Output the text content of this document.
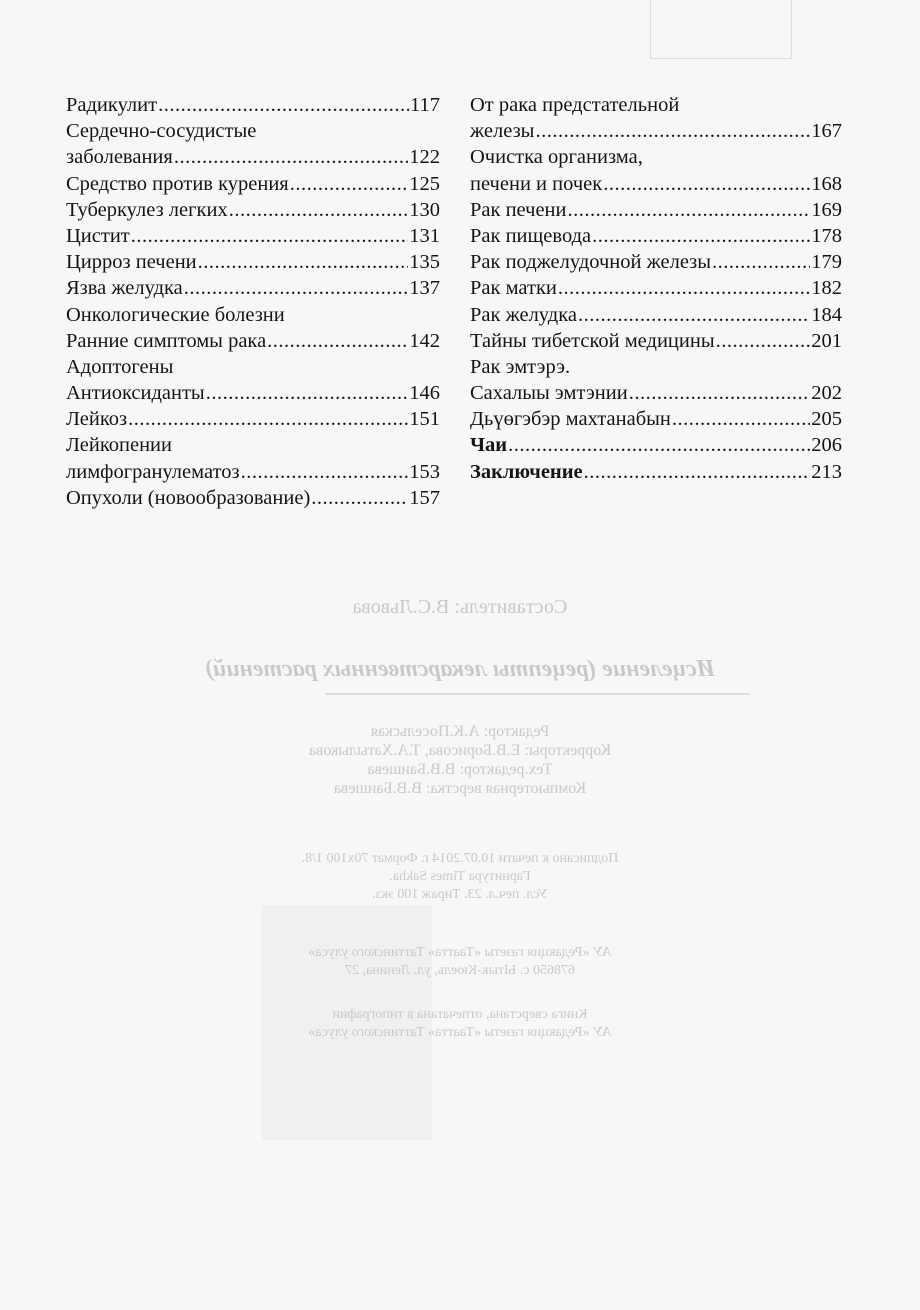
Радикулит .....	117
Сердечно-сосудистые
заболевания .....	122
Средство против курения .....	125
Туберкулез легких .....	130
Цистит .....	131
Цирроз печени .....	135
Язва желудка .....	137
Онкологические болезни
Ранние симптомы рака .....	142
Адоптогены
Антиоксиданты .....	146
Лейкоз .....	151
Лейкопении
лимфогранулематоз .....	153
Опухоли (новообразование) .....	157
От рака предстательной
железы .....	167
Очистка организма,
печени и почек .....	168
Рак печени .....	169
Рак пищевода .....	178
Рак поджелудочной железы .....	179
Рак матки .....	182
Рак желудка .....	184
Тайны тибетской медицины .....	201
Рак эмтэрэ.
Сахалыы эмтэнии .....	202
Дьүөгэбэр махтанабын .....	205
Чаи .....	206
Заключение .....	213
Составитель: В.С.Львова
Исцеление (рецепты лекарственных растений)
Редактор: А.К.Посельская
Корректоры: Е.В.Борисова, Т.А.Хатылыкова
Тех.редактор: В.В.Баишева
Компьютерная верстка: В.В.Баишева
Подписано к печати 10.07.2014 г. Формат 70х100 1/8.
Гарнитура Times Sakha.
Усл. печ.л. 23. Тираж 100 экз.
АУ «Редакция газеты «Таатта» Таттинского улуса»
678650 с. Ытык-Кюель, ул. Ленина, 27
Книга сверстана, отпечатана в типографии
АУ «Редакция газеты «Таатта» Таттинского улуса»
